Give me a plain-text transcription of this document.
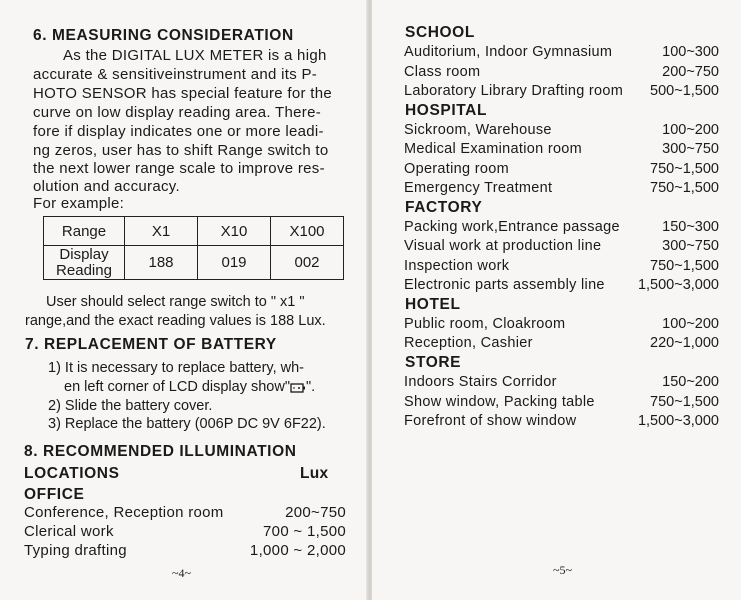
6. MEASURING CONSIDERATION
As the DIGITAL LUX METER is a high
accurate & sensitiveinstrument and its P-
HOTO SENSOR has special feature for the
curve on low display reading area. There-
fore if display indicates one or more leadi-
ng zeros, user has to shift Range switch to
the next lower range scale to improve res-
olution and accuracy.
For example:
Range	X1	X10	X100

Display
Reading	188	019	002
User should select range switch to " x1 "
range,and the exact reading values is 188 Lux.
7. REPLACEMENT OF BATTERY
1) It is necessary to replace battery, wh-
en left corner of LCD display show" ".
2) Slide the battery cover.
3) Replace the battery (006P DC 9V 6F22).
8. RECOMMENDED ILLUMINATION
LOCATIONS	Lux
OFFICE
Conference, Reception room	200~750
Clerical work	700 ~ 1,500
Typing drafting	1,000 ~ 2,000
~4~	~5~
SCHOOL
Auditorium, Indoor Gymnasium	100~300
Class room	200~750
Laboratory Library Drafting room 500~1,500
HOSPITAL
Sickroom, Warehouse	100~200
Medical Examination room	300~750
Operating room	750~1,500
Emergency Treatment	750~1,500
FACTORY
Packing work,Entrance passage	150~300
Visual work at production line	300~750
Inspection work	750~1,500
Electronic parts assembly line 1,500~3,000
HOTEL
Public room, Cloakroom	100~200
Reception, Cashier	220~1,000
STORE
Indoors Stairs Corridor	150~200
Show window, Packing table	750~1,500
Forefront of show window	1,500~3,000
